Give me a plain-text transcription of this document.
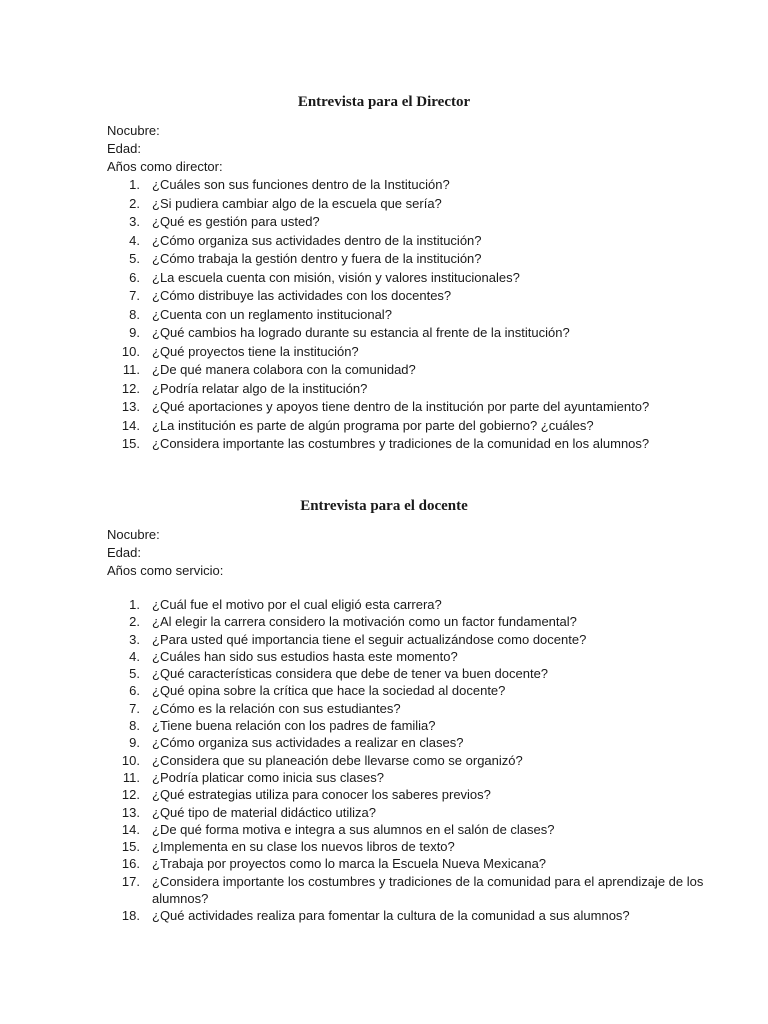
Entrevista para el Director
Nocubre:
Edad:
Años como director:
1. ¿Cuáles son sus funciones dentro de la Institución?
2. ¿Si pudiera cambiar algo de la escuela que sería?
3. ¿Qué es gestión para usted?
4. ¿Cómo organiza sus actividades dentro de la institución?
5. ¿Cómo trabaja la gestión dentro y fuera de la institución?
6. ¿La escuela cuenta con misión, visión y valores institucionales?
7. ¿Cómo distribuye las actividades con los docentes?
8. ¿Cuenta con un reglamento institucional?
9. ¿Qué cambios ha logrado durante su estancia al frente de la institución?
10. ¿Qué proyectos tiene la institución?
11. ¿De qué manera colabora con la comunidad?
12. ¿Podría relatar algo de la institución?
13. ¿Qué aportaciones y apoyos tiene dentro de la institución por parte del ayuntamiento?
14. ¿La institución es parte de algún programa por parte del gobierno? ¿cuáles?
15. ¿Considera importante las costumbres y tradiciones de la comunidad en los alumnos?
Entrevista para el docente
Nocubre:
Edad:
Años como servicio:
1. ¿Cuál fue el motivo por el cual eligió esta carrera?
2. ¿Al elegir la carrera considero la motivación como un factor fundamental?
3. ¿Para usted qué importancia tiene el seguir actualizándose como docente?
4. ¿Cuáles han sido sus estudios hasta este momento?
5. ¿Qué características considera que debe de tener va buen docente?
6. ¿Qué opina sobre la crítica que hace la sociedad al docente?
7. ¿Cómo es la relación con sus estudiantes?
8. ¿Tiene buena relación con los padres de familia?
9. ¿Cómo organiza sus actividades a realizar en clases?
10. ¿Considera que su planeación debe llevarse como se organizó?
11. ¿Podría platicar como inicia sus clases?
12. ¿Qué estrategias utiliza para conocer los saberes previos?
13. ¿Qué tipo de material didáctico utiliza?
14. ¿De qué forma motiva e integra a sus alumnos en el salón de clases?
15. ¿Implementa en su clase los nuevos libros de texto?
16. ¿Trabaja por proyectos como lo marca la Escuela Nueva Mexicana?
17. ¿Considera importante los costumbres y tradiciones de la comunidad para el aprendizaje de los alumnos?
18. ¿Qué actividades realiza para fomentar la cultura de la comunidad a sus alumnos?
